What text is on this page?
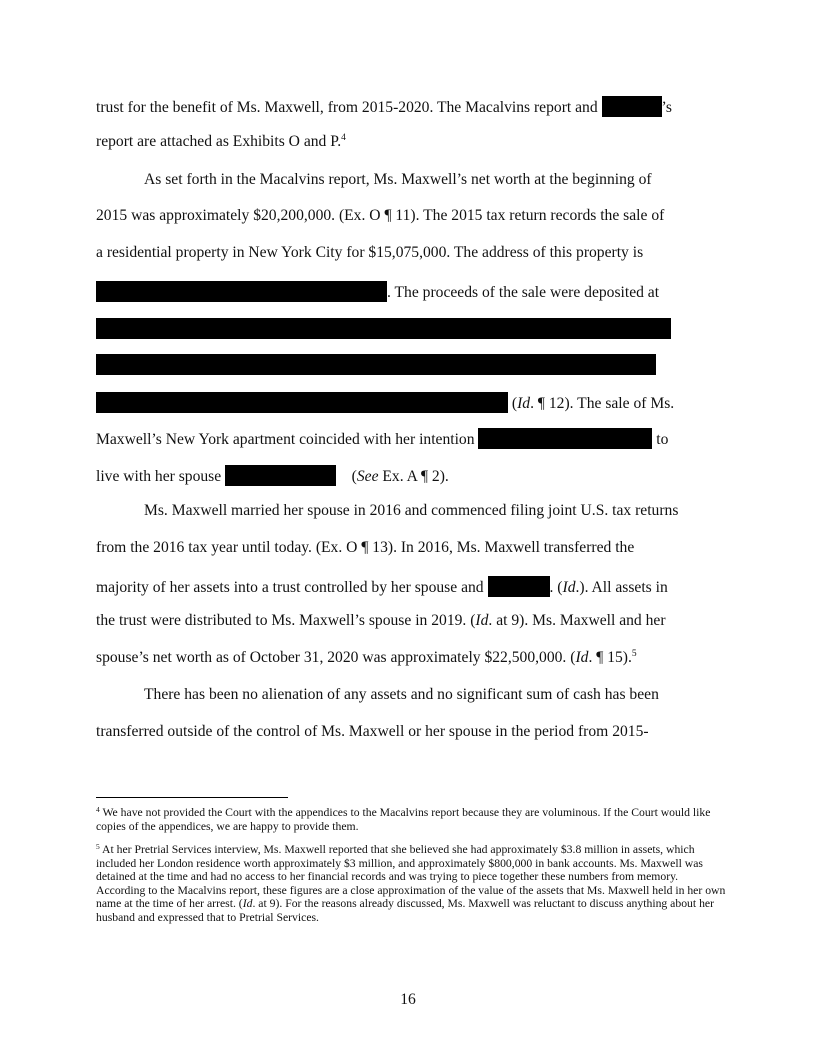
trust for the benefit of Ms. Maxwell, from 2015-2020. The Macalvins report and	’s
report are attached as Exhibits O and P.$^4$
As set forth in the Macalvins report, Ms. Maxwell’s net worth at the beginning of
2015 was approximately $20,200,000. (Ex. O ¶ 11). The 2015 tax return records the sale of
a residential property in New York City for $15,075,000. The address of this property is
. The proceeds of the sale were deposited at
(Id. ¶ 12). The sale of Ms.
Maxwell’s New York apartment coincided with her intention	to
live with her spouse	(See Ex. A ¶ 2).
Ms. Maxwell married her spouse in 2016 and commenced filing joint U.S. tax returns
from the 2016 tax year until today. (Ex. O ¶ 13). In 2016, Ms. Maxwell transferred the
majority of her assets into a trust controlled by her spouse and	. (Id.). All assets in
the trust were distributed to Ms. Maxwell’s spouse in 2019. (Id. at 9). Ms. Maxwell and her
spouse’s net worth as of October 31, 2020 was approximately $22,500,000. (Id. ¶ 15).$^5$
There has been no alienation of any assets and no significant sum of cash has been
transferred outside of the control of Ms. Maxwell or her spouse in the period from 2015-
$^4$ We have not provided the Court with the appendices to the Macalvins report because they are voluminous. If the Court would like copies of the appendices, we are happy to provide them.
$^5$ At her Pretrial Services interview, Ms. Maxwell reported that she believed she had approximately $3.8 million in assets, which included her London residence worth approximately $3 million, and approximately $800,000 in bank accounts. Ms. Maxwell was detained at the time and had no access to her financial records and was trying to piece together these numbers from memory. According to the Macalvins report, these figures are a close approximation of the value of the assets that Ms. Maxwell held in her own name at the time of her arrest. (Id. at 9). For the reasons already discussed, Ms. Maxwell was reluctant to discuss anything about her husband and expressed that to Pretrial Services.
16
